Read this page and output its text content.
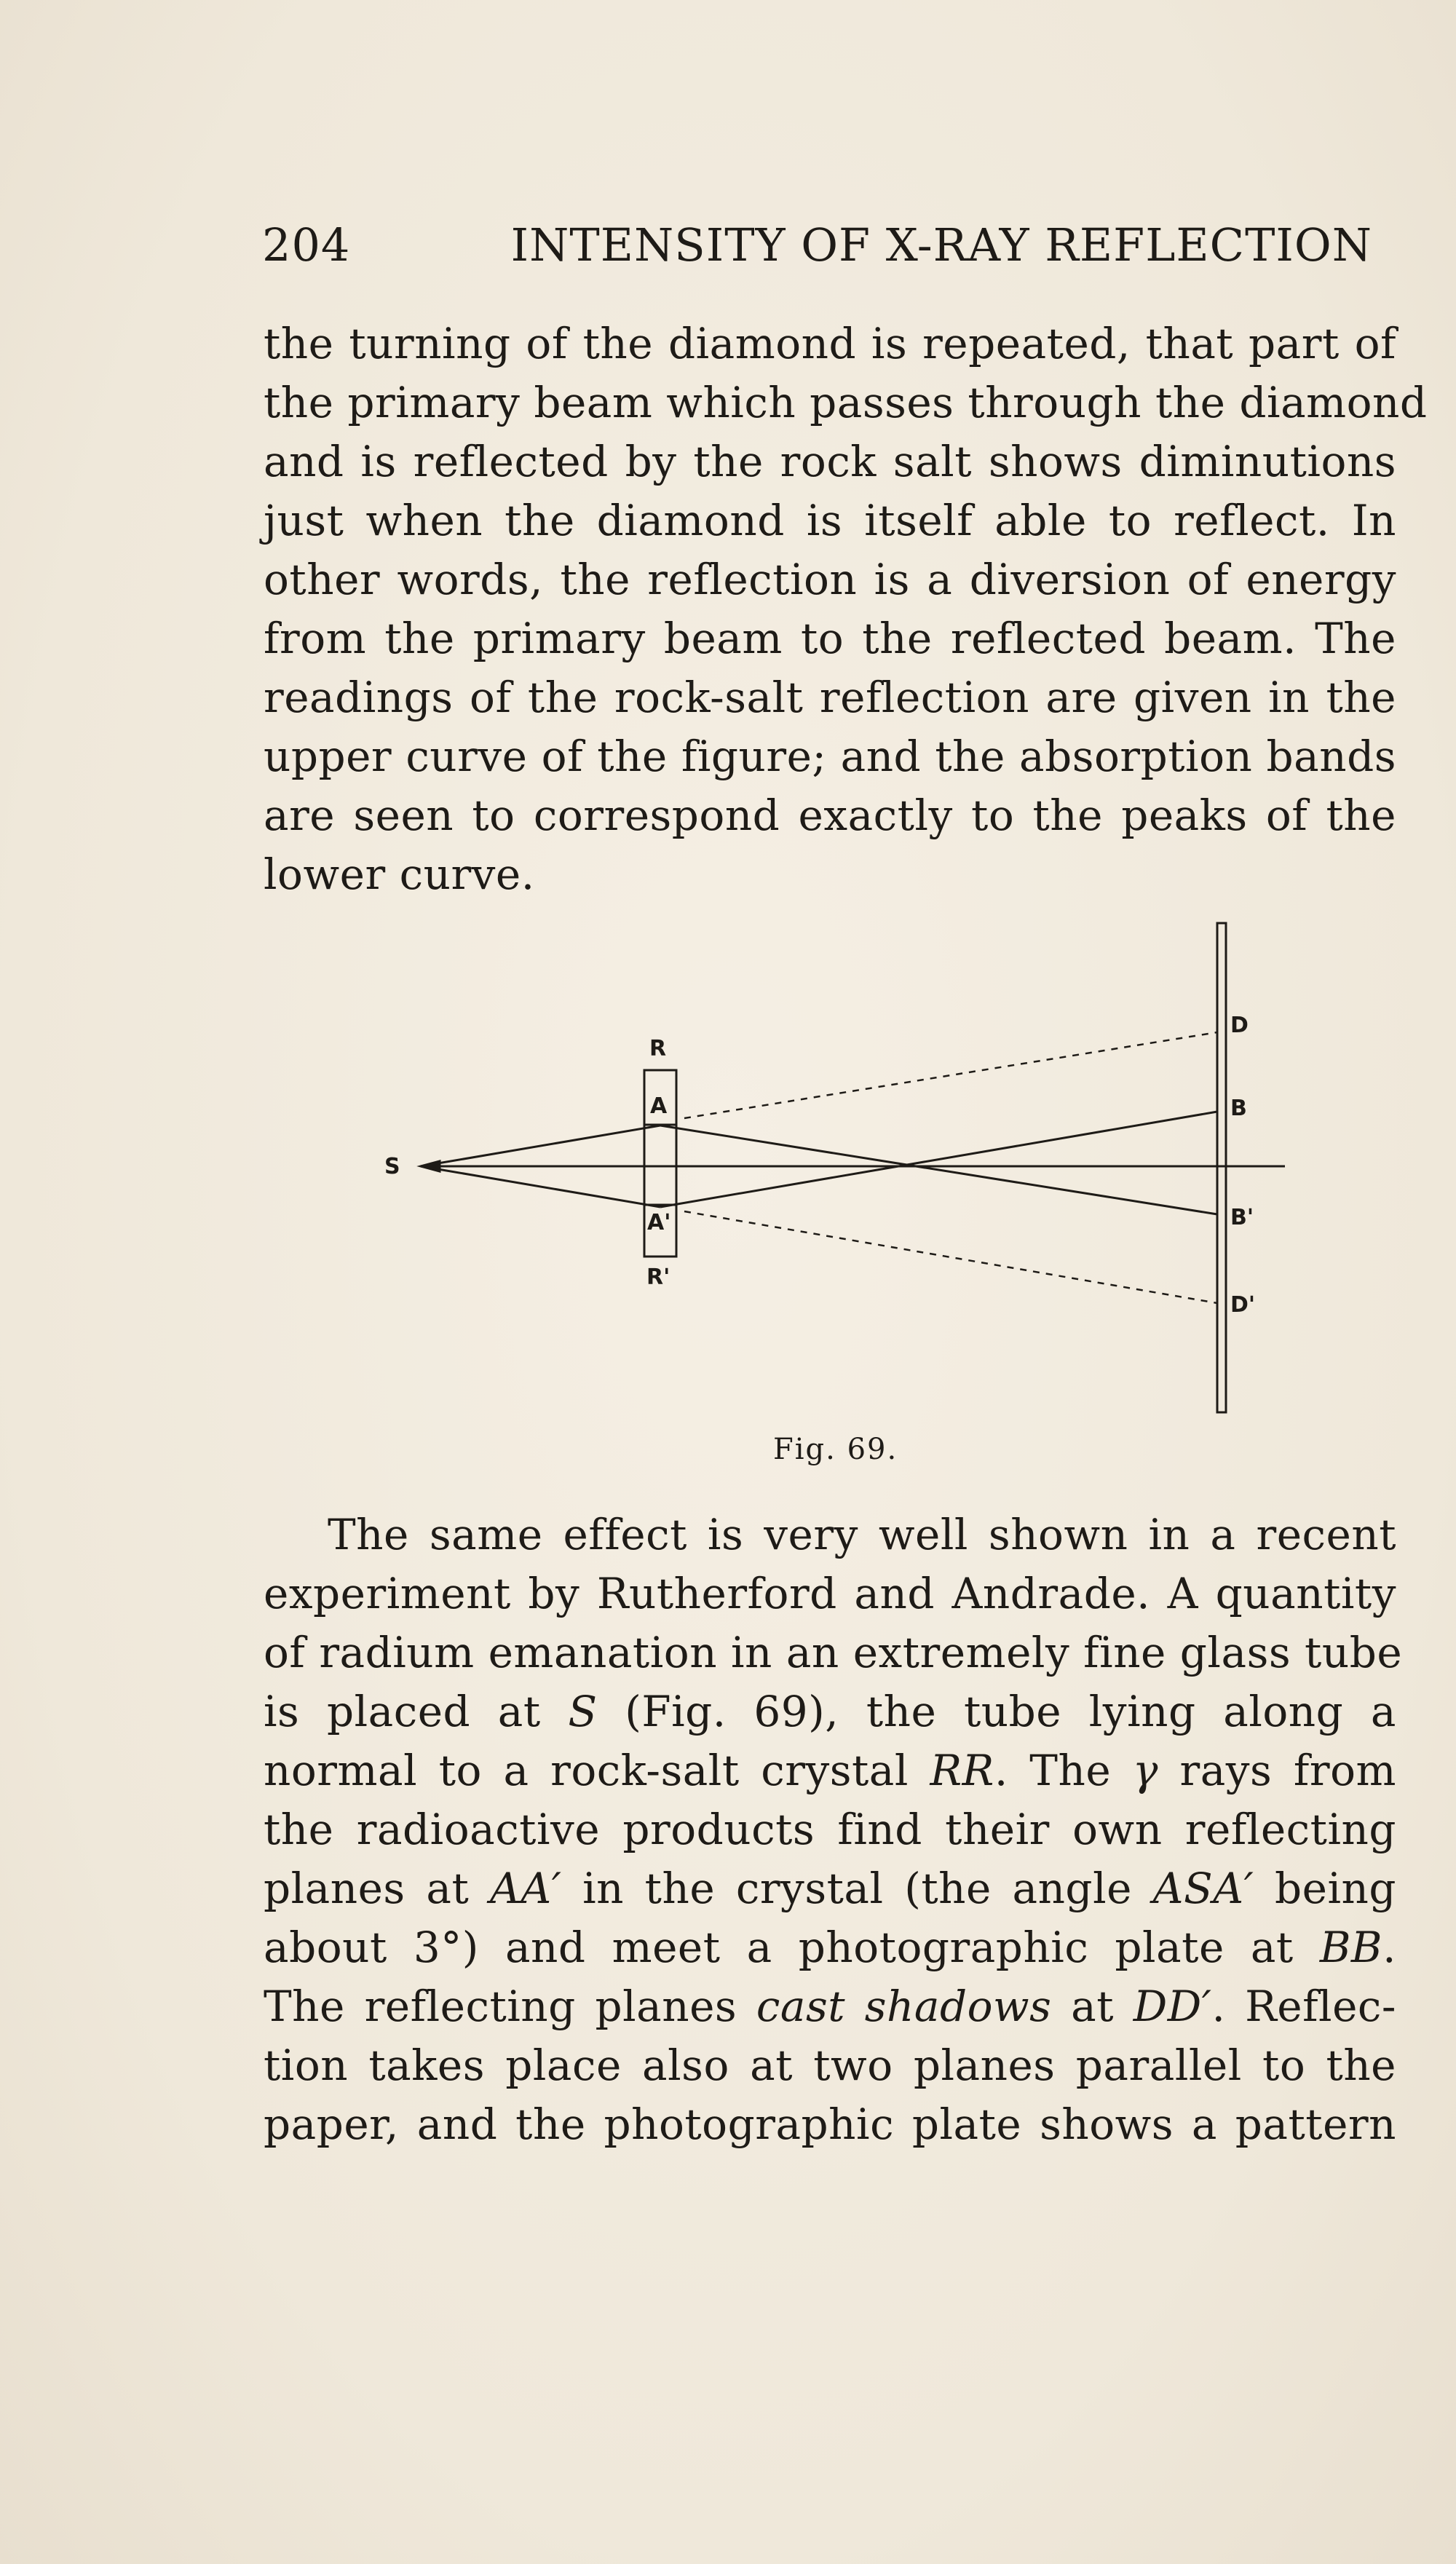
204	INTENSITY OF X-RAY REFLECTION
the turning of the diamond is repeated, that part of
the primary beam which passes through the diamond
and is reflected by the rock salt shows diminutions
just when the diamond is itself able to reflect. In
other words, the reflection is a diversion of energy
from the primary beam to the reflected beam. The
readings of the rock-salt reflection are given in the
upper curve of the figure; and the absorption bands
are seen to correspond exactly to the peaks of the
lower curve.
S
R
A
A'
R'
D
B
B'
D'
Fig. 69.
The same effect is very well shown in a recent
experiment by Rutherford and Andrade. A quantity
of radium emanation in an extremely fine glass tube
is placed at S (Fig. 69), the tube lying along a
normal to a rock-salt crystal RR. The γ rays from
the radioactive products find their own reflecting
planes at AA′ in the crystal (the angle ASA′ being
about 3°) and meet a photographic plate at BB.
The reflecting planes cast shadows at DD′. Reflec-
tion takes place also at two planes parallel to the
paper, and the photographic plate shows a pattern
